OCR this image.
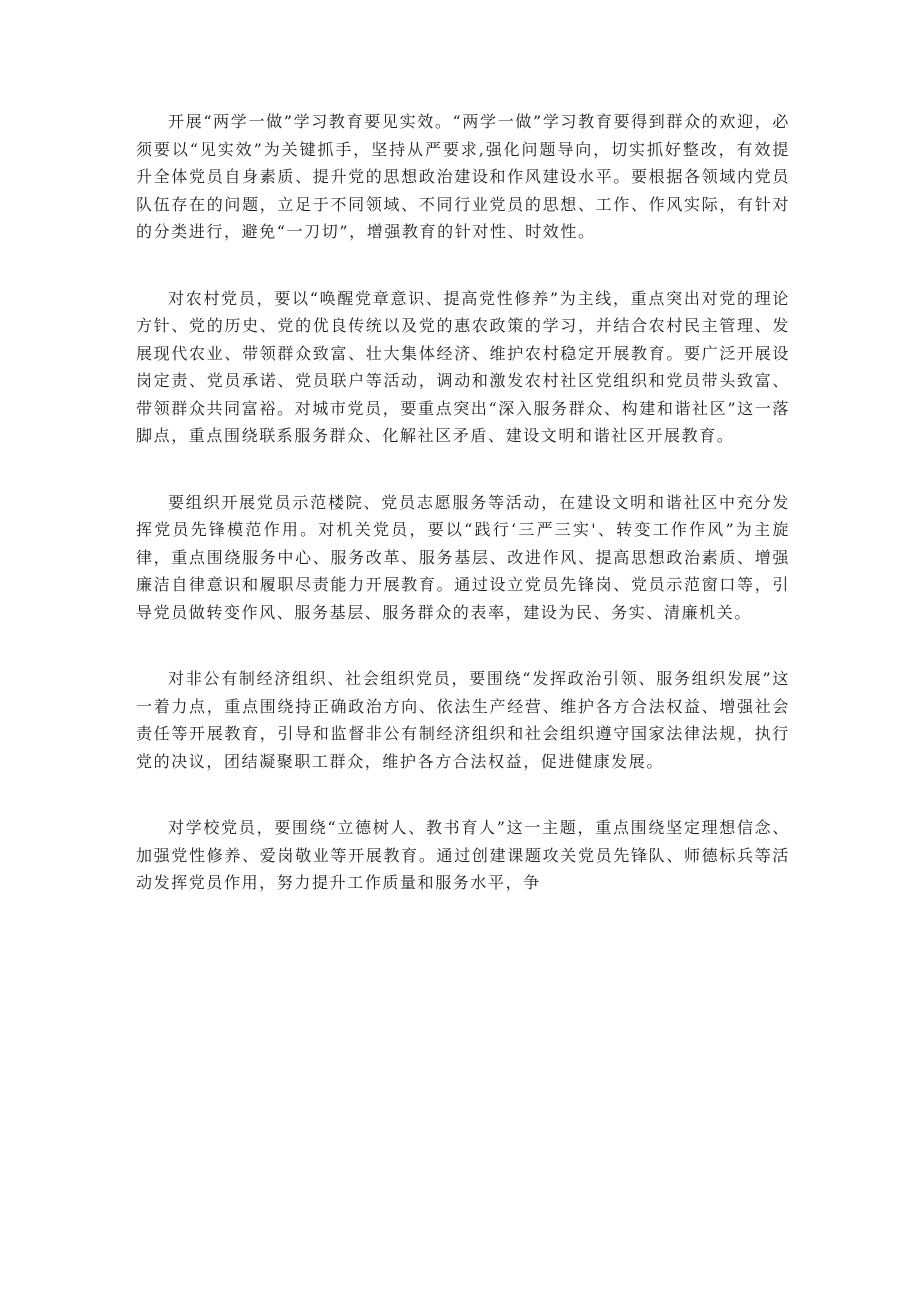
开展“两学一做”学习教育要见实效。“两学一做”学习教育要得到群众的欢迎，必须要以“见实效”为关键抓手，坚持从严要求,强化问题导向，切实抓好整改，有效提升全体党员自身素质、提升党的思想政治建设和作风建设水平。要根据各领域内党员队伍存在的问题，立足于不同领域、不同行业党员的思想、工作、作风实际，有针对的分类进行，避免“一刀切”，增强教育的针对性、时效性。

对农村党员，要以“唤醒党章意识、提高党性修养”为主线，重点突出对党的理论方针、党的历史、党的优良传统以及党的惠农政策的学习，并结合农村民主管理、发展现代农业、带领群众致富、壮大集体经济、维护农村稳定开展教育。要广泛开展设岗定责、党员承诺、党员联户等活动，调动和激发农村社区党组织和党员带头致富、带领群众共同富裕。对城市党员，要重点突出“深入服务群众、构建和谐社区”这一落脚点，重点围绕联系服务群众、化解社区矛盾、建设文明和谐社区开展教育。

要组织开展党员示范楼院、党员志愿服务等活动，在建设文明和谐社区中充分发挥党员先锋模范作用。对机关党员，要以“践行‘三严三实'、转变工作作风”为主旋律，重点围绕服务中心、服务改革、服务基层、改进作风、提高思想政治素质、增强廉洁自律意识和履职尽责能力开展教育。通过设立党员先锋岗、党员示范窗口等，引导党员做转变作风、服务基层、服务群众的表率，建设为民、务实、清廉机关。

对非公有制经济组织、社会组织党员，要围绕“发挥政治引领、服务组织发展”这一着力点，重点围绕持正确政治方向、依法生产经营、维护各方合法权益、增强社会责任等开展教育，引导和监督非公有制经济组织和社会组织遵守国家法律法规，执行党的决议，团结凝聚职工群众，维护各方合法权益，促进健康发展。

对学校党员，要围绕“立德树人、教书育人”这一主题，重点围绕坚定理想信念、加强党性修养、爱岗敬业等开展教育。通过创建课题攻关党员先锋队、师德标兵等活动发挥党员作用，努力提升工作质量和服务水平，争
